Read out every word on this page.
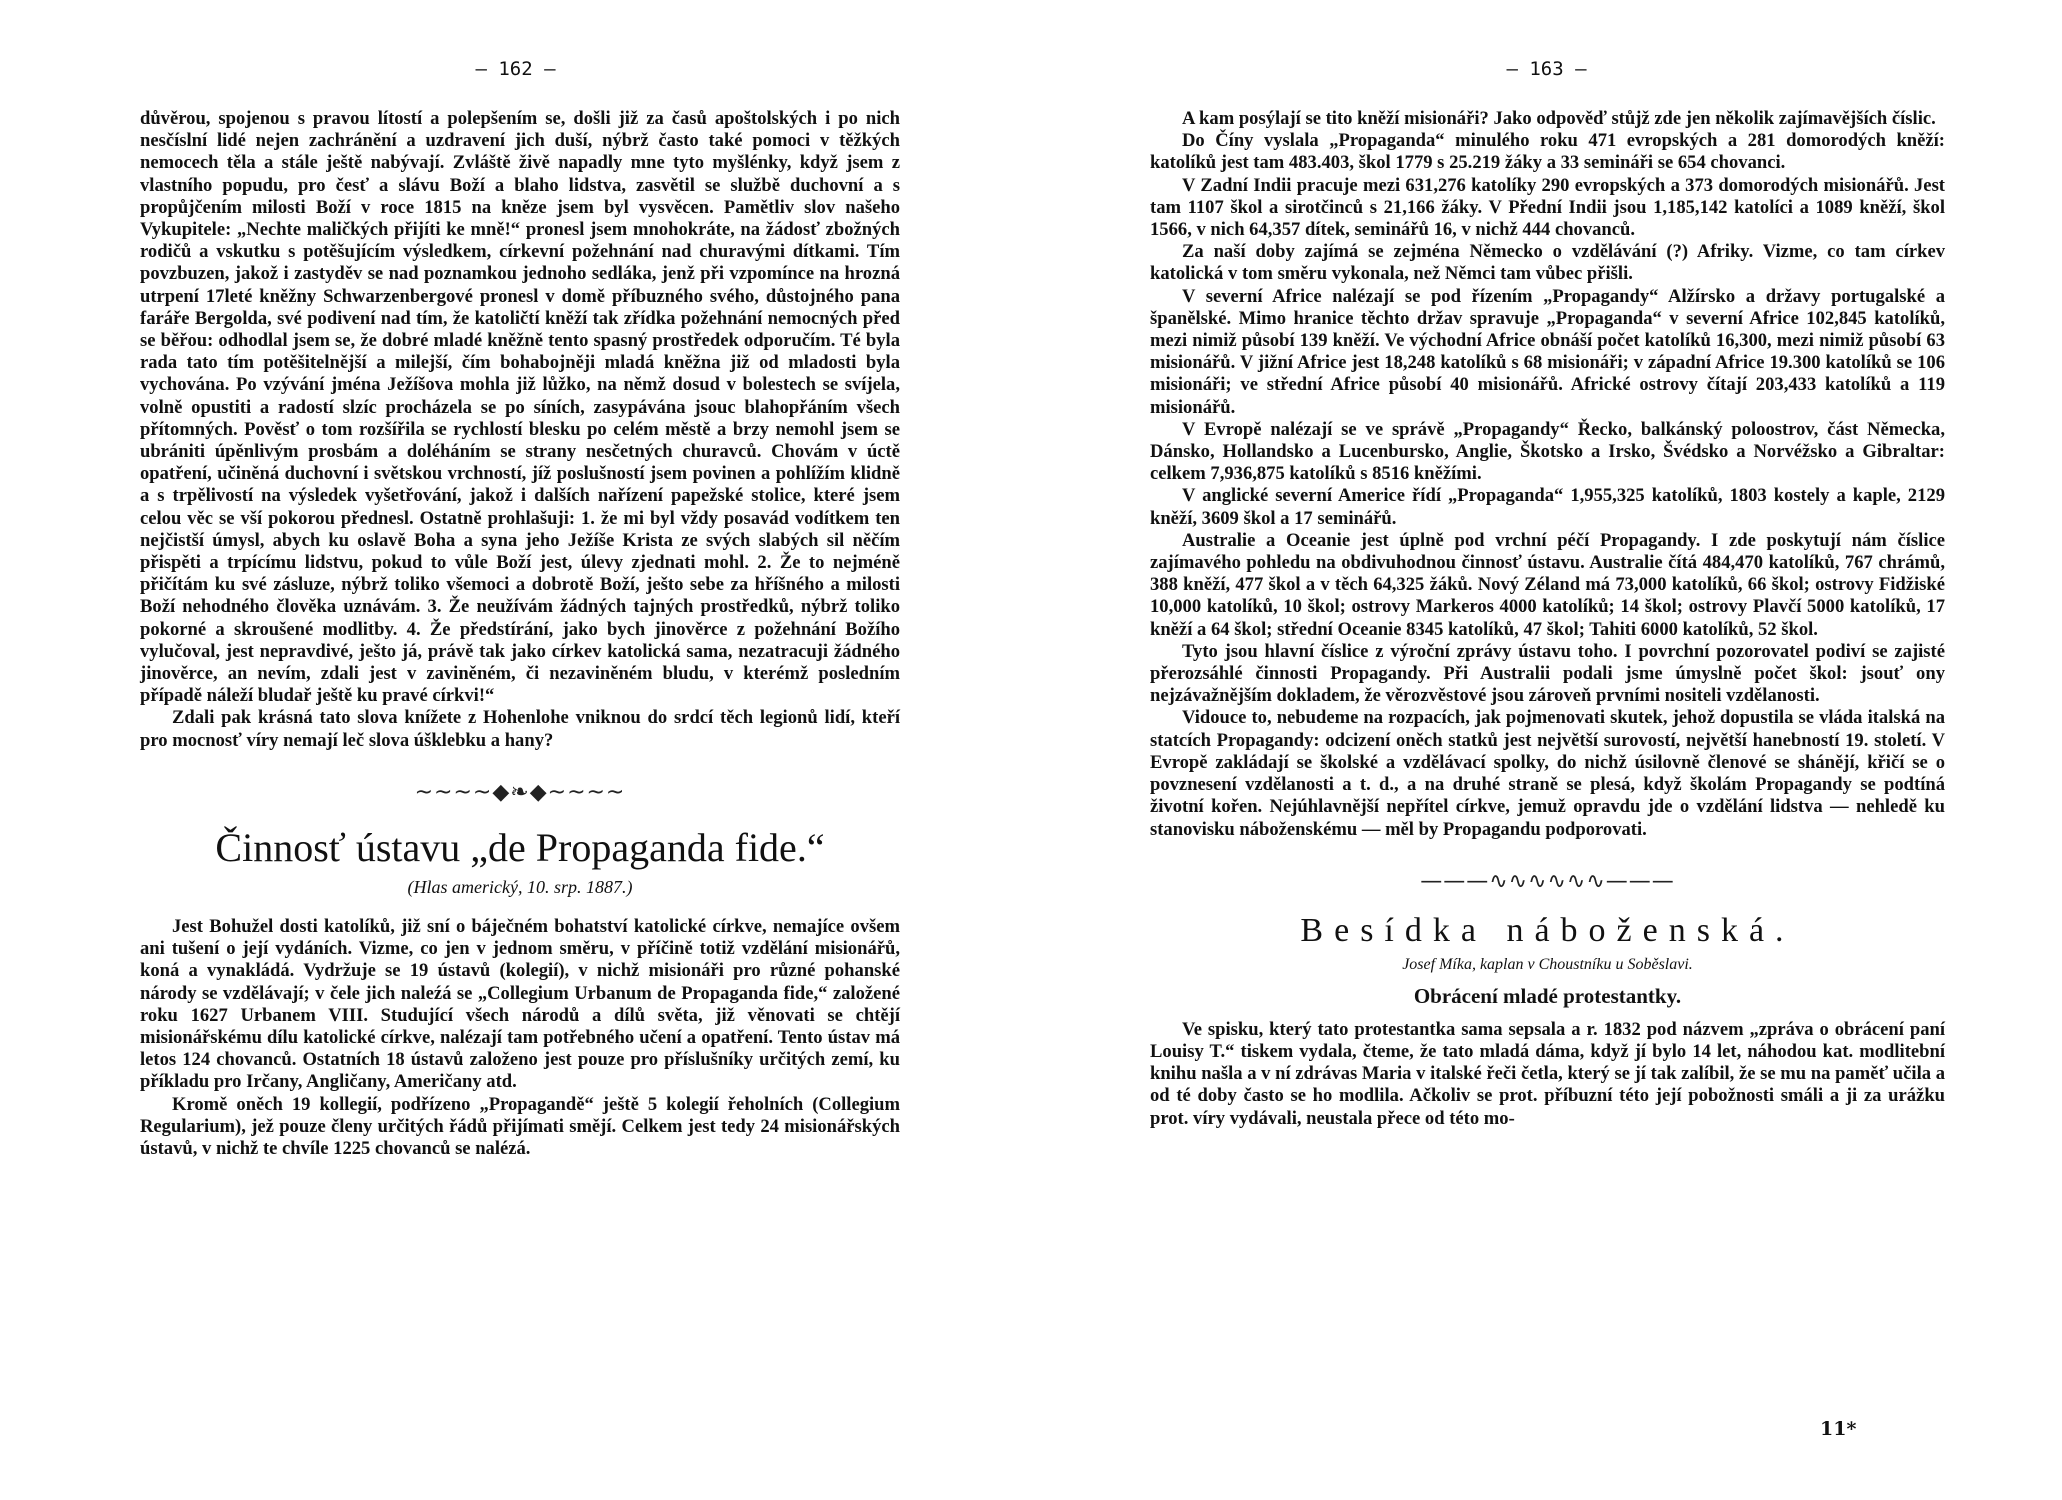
— 162 —

důvěrou, spojenou s pravou lítostí a polepšením se, došli již za časů apoštolských i po nich nesčíslní lidé nejen zachránění a uzdravení jich duší, nýbrž často také pomoci v těžkých nemocech těla a stále ještě nabývají. Zvláště živě napadly mne tyto myšlénky, když jsem z vlastního popudu, pro česť a slávu Boží a blaho lidstva, zasvětil se službě duchovní a s propůjčením milosti Boží v roce 1815 na kněze jsem byl vysvěcen. Pamětliv slov našeho Vykupitele: „Nechte maličkých přijíti ke mně!“ pronesl jsem mnohokráte, na žádosť zbožných rodičů a vskutku s potěšujícím výsledkem, církevní požehnání nad churavými dítkami. Tím povzbuzen, jakož i zastyděv se nad poznamkou jednoho sedláka, jenž při vzpomínce na hrozná utrpení 17leté kněžny Schwarzenbergové pronesl v domě příbuzného svého, důstojného pana faráře Bergolda, své podivení nad tím, že katoličtí kněží tak zřídka požehnání nemocných před se běřou: odhodlal jsem se, že dobré mladé kněžně tento spasný prostředek odporučím. Té byla rada tato tím potěšitelnější a milejší, čím bohabojněji mladá kněžna již od mladosti byla vychována. Po vzývání jména Ježíšova mohla již lůžko, na němž dosud v bolestech se svíjela, volně opustiti a radostí slzíc procházela se po síních, zasypávána jsouc blahopřáním všech přítomných. Pověsť o tom rozšířila se rychlostí blesku po celém městě a brzy nemohl jsem se ubrániti úpěnlivým prosbám a doléháním se strany nesčetných churavců. Chovám v úctě opatření, učiněná duchovní i světskou vrchností, jíž poslušností jsem povinen a pohlížím klidně a s trpělivostí na výsledek vyšetřování, jakož i dalších nařízení papežské stolice, které jsem celou věc se vší pokorou přednesl. Ostatně prohlašuji: 1. že mi byl vždy posavád vodítkem ten nejčistší úmysl, abych ku oslavě Boha a syna jeho Ježíše Krista ze svých slabých sil něčím přispěti a trpícímu lidstvu, pokud to vůle Boží jest, úlevy zjednati mohl. 2. Že to nejméně přičítám ku své zásluze, nýbrž toliko všemoci a dobrotě Boží, ješto sebe za hříšného a milosti Boží nehodného člověka uznávám. 3. Že neužívám žádných tajných prostředků, nýbrž toliko pokorné a skroušené modlitby. 4. Že předstírání, jako bych jinověrce z požehnání Božího vylučoval, jest nepravdivé, ješto já, právě tak jako církev katolická sama, nezatracuji žádného jinověrce, an nevím, zdali jest v zaviněném, či nezaviněném bludu, v kterémž posledním případě náleží bludař ještě ku pravé církvi!“

Zdali pak krásná tato slova knížete z Hohenlohe vniknou do srdcí těch legionů lidí, kteří pro mocnosť víry nemají leč slova úšklebku a hany?

~~~~◆❧◆~~~~
Činnosť ústavu „de Propaganda fide.“
(Hlas americký, 10. srp. 1887.)

Jest Bohužel dosti katolíků, již sní o báječném bohatství katolické církve, nemajíce ovšem ani tušení o její vydáních. Vizme, co jen v jednom směru, v příčině totiž vzdělání misionářů, koná a vynakládá. Vydržuje se 19 ústavů (kolegií), v nichž misionáři pro různé pohanské národy se vzdělávají; v čele jich naleźá se „Collegium Urbanum de Propaganda fide,“ založené roku 1627 Urbanem VIII. Studující všech národů a dílů světa, již věnovati se chtějí misionářskému dílu katolické církve, nalézají tam potřebného učení a opatření. Tento ústav má letos 124 chovanců. Ostatních 18 ústavů založeno jest pouze pro příslušníky určitých zemí, ku příkladu pro Irčany, Angličany, Američany atd.

Kromě oněch 19 kollegií, podřízeno „Propagandě“ ještě 5 kolegií řeholních (Collegium Regularium), jež pouze členy určitých řádů přijímati smějí. Celkem jest tedy 24 misionářských ústavů, v nichž te chvíle 1225 chovanců se nalézá.

— 163 —

A kam posýlají se tito kněží misionáři? Jako odpověď stůjž zde jen několik zajímavějších číslic.

Do Číny vyslala „Propaganda“ minulého roku 471 evropských a 281 domorodých kněží: katolíků jest tam 483.403, škol 1779 s 25.219 žáky a 33 semináři se 654 chovanci.

V Zadní Indii pracuje mezi 631,276 katolíky 290 evropských a 373 domorodých misionářů. Jest tam 1107 škol a sirotčinců s 21,166 žáky. V Přední Indii jsou 1,185,142 katolíci a 1089 kněží, škol 1566, v nich 64,357 dítek, seminářů 16, v nichž 444 chovanců.

Za naší doby zajímá se zejména Německo o vzdělávání (?) Afriky. Vizme, co tam církev katolická v tom směru vykonala, než Němci tam vůbec přišli.

V severní Africe nalézají se pod řízením „Propagandy“ Alžírsko a državy portugalské a španělské. Mimo hranice těchto držav spravuje „Propaganda“ v severní Africe 102,845 katolíků, mezi nimiž působí 139 kněží. Ve východní Africe obnáší počet katolíků 16,300, mezi nimiž působí 63 misionářů. V jižní Africe jest 18,248 katolíků s 68 misionáři; v západní Africe 19.300 katolíků se 106 misionáři; ve střední Africe působí 40 misionářů. Africké ostrovy čítají 203,433 katolíků a 119 misionářů.

V Evropě nalézají se ve správě „Propagandy“ Řecko, balkánský poloostrov, část Německa, Dánsko, Hollandsko a Lucenbursko, Anglie, Škotsko a Irsko, Švédsko a Norvéžsko a Gibraltar: celkem 7,936,875 katolíků s 8516 kněžími.

V anglické severní Americe řídí „Propaganda“ 1,955,325 katolíků, 1803 kostely a kaple, 2129 kněží, 3609 škol a 17 seminářů.

Australie a Oceanie jest úplně pod vrchní péčí Propagandy. I zde poskytují nám číslice zajímavého pohledu na obdivuhodnou činnosť ústavu. Australie čítá 484,470 katolíků, 767 chrámů, 388 kněží, 477 škol a v těch 64,325 žáků. Nový Zéland má 73,000 katolíků, 66 škol; ostrovy Fidžiské 10,000 katolíků, 10 škol; ostrovy Markeros 4000 katolíků; 14 škol; ostrovy Plavčí 5000 katolíků, 17 kněží a 64 škol; střední Oceanie 8345 katolíků, 47 škol; Tahiti 6000 katolíků, 52 škol.

Tyto jsou hlavní číslice z výroční zprávy ústavu toho. I povrchní pozorovatel podiví se zajisté přerozsáhlé činnosti Propagandy. Při Australii podali jsme úmyslně počet škol: jsouť ony nejzávažnějším dokladem, že věrozvěstové jsou zároveň prvními nositeli vzdělanosti.

Vidouce to, nebudeme na rozpacích, jak pojmenovati skutek, jehož dopustila se vláda italská na statcích Propagandy: odcizení oněch statků jest největší surovostí, největší hanebností 19. století. V Evropě zakládají se školské a vzdělávací spolky, do nichž úsilovně členové se shánějí, křičí se o povznesení vzdělanosti a t. d., a na druhé straně se plesá, když školám Propagandy se podtíná životní kořen. Nejúhlavnější nepřítel církve, jemuž opravdu jde o vzdělání lidstva — nehledě ku stanovisku náboženskému — měl by Propagandu podporovati.

———∿∿∿∿∿∿———
Besídka náboženská.
Josef Míka, kaplan v Choustníku u Soběslavi.
Obrácení mladé protestantky.

Ve spisku, který tato protestantka sama sepsala a r. 1832 pod názvem „zpráva o obrácení paní Louisy T.“ tiskem vydala, čteme, že tato mladá dáma, když jí bylo 14 let, náhodou kat. modlitební knihu našla a v ní zdrávas Maria v italské řeči četla, který se jí tak zalíbil, že se mu na paměť učila a od té doby často se ho modlila. Ačkoliv se prot. příbuzní této její pobožnosti smáli a ji za urážku prot. víry vydávali, neustala přece od této mo-

11*
